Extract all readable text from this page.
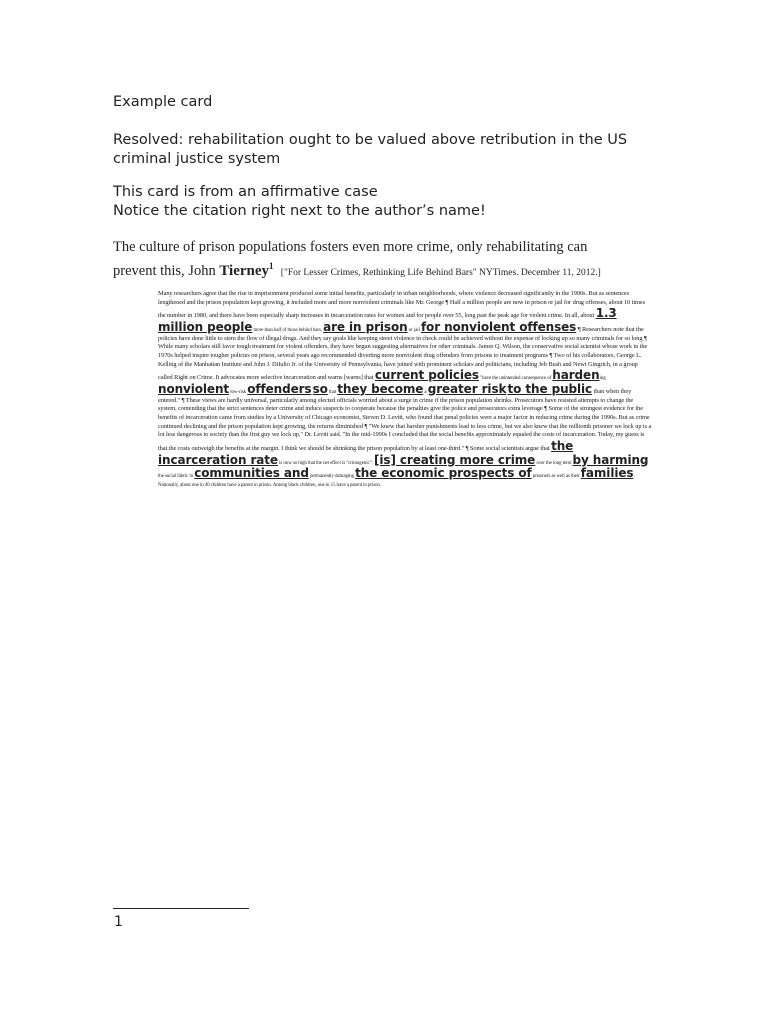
Example card
Resolved: rehabilitation ought to be valued above retribution in the US criminal justice system
This card is from an affirmative case
Notice the citation right next to the author’s name!
The culture of prison populations fosters even more crime, only rehabilitating can prevent this, John Tierney$^1$  ["For Lesser Crimes, Rethinking Life Behind Bars" NYTimes. December 11, 2012.]
Many researchers agree that the rise in imprisonment produced some initial benefits, particularly in urban neighborhoods, where violence decreased significantly in the 1990s. But as sentences lengthened and the prison population kept growing, it included more and more nonviolent criminals like Mr. George ¶ Half a million people are now in prison or jail for drug offenses, about 10 times the number in 1980, and there have been especially sharp increases in incarceration rates for women and for people over 55, long past the peak age for violent crime. In all, about 1.3 million people more than half of those behind bars, are in prison or jail for nonviolent offenses ¶ Researchers note that the policies have done little to stem the flow of illegal drugs. And they say goals like keeping street violence in check could be achieved without the expense of locking up so many criminals for so long ¶ While many scholars still favor tough treatment for violent offenders, they have begun suggesting alternatives for other criminals. James Q. Wilson, the conservative social scientist whose work in the 1970s helped inspire tougher policies on prison, several years ago recommended diverting more nonviolent drug offenders from prisons to treatment programs ¶ Two of his collaborators, George L. Kelling of the Manhattan Institute and John J. DiIulio Jr. of the University of Pennsylvania, have joined with prominent scholars and politicians, including Jeb Bush and Newt Gingrich, in a group called Right on Crime. It advocates more selective incarceration and warns [warns] that current policies "have the unintended consequence of hardening nonviolent low-risk offenders so that they become a greater risk to the public than when they entered." ¶ These views are hardly universal, particularly among elected officials worried about a surge in crime if the prison population shrinks. Prosecutors have resisted attempts to change the system, contending that the strict sentences deter crime and induce suspects to cooperate because the penalties give the police and prosecutors extra leverage ¶ Some of the strongest evidence for the benefits of incarceration came from studies by a University of Chicago economist, Steven D. Levitt, who found that penal policies were a major factor in reducing crime during the 1990s. But as crime continued declining and the prison population kept growing, the returns diminished ¶ "We knew that harsher punishments lead to less crime, but we also knew that the millionth prisoner we lock up is a lot less dangerous to society than the first guy we lock up," Dr. Levitt said. "In the mid-1990s I concluded that the social benefits approximately equaled the costs of incarceration. Today, my guess is that the costs outweigh the benefits at the margin. I think we should be shrinking the prison population by at least one-third." ¶ Some social scientists argue that the incarceration rate is now so high that the net effect is "crimogenic": [is] creating more crime over the long term by harming the social fabric in communities and permanently damaging the economic prospects of prisoners as well as their families. Nationally, about one in 40 children have a parent in prison. Among black children, one in 15 have a parent in prison.
1
